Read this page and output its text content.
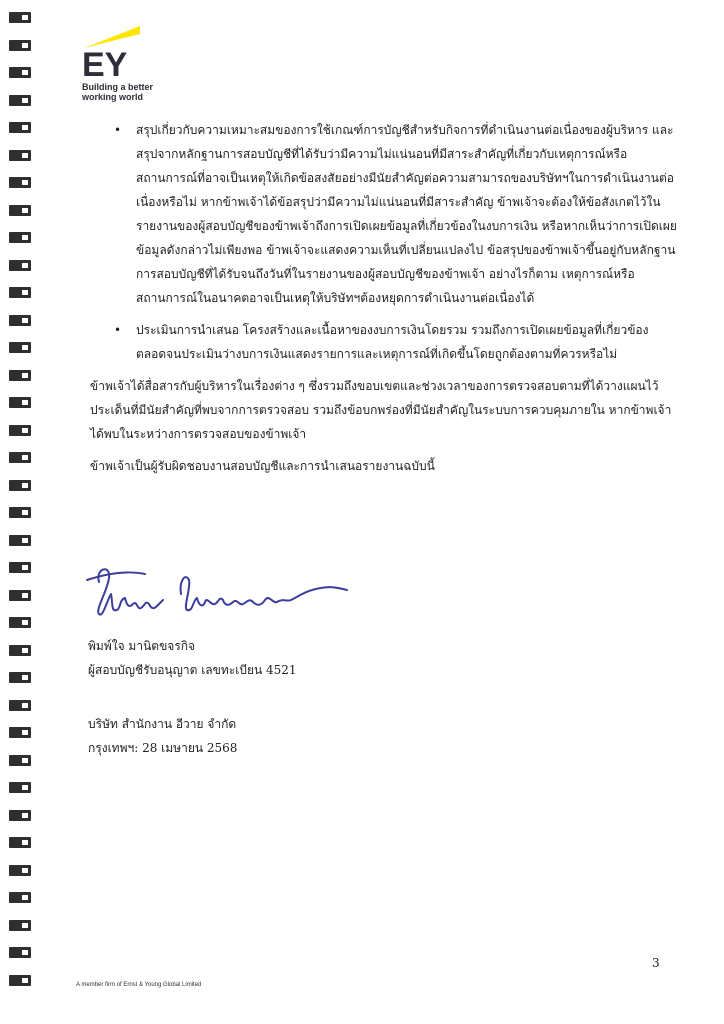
EY
Building a better
working world
• สรุปเกี่ยวกับความเหมาะสมของการใช้เกณฑ์การบัญชีสำหรับกิจการที่ดำเนินงานต่อเนื่องของผู้บริหาร และสรุปจากหลักฐานการสอบบัญชีที่ได้รับว่ามีความไม่แน่นอนที่มีสาระสำคัญที่เกี่ยวกับเหตุการณ์หรือสถานการณ์ที่อาจเป็นเหตุให้เกิดข้อสงสัยอย่างมีนัยสำคัญต่อความสามารถของบริษัทฯในการดำเนินงานต่อเนื่องหรือไม่ หากข้าพเจ้าได้ข้อสรุปว่ามีความไม่แน่นอนที่มีสาระสำคัญ ข้าพเจ้าจะต้องให้ข้อสังเกตไว้ในรายงานของผู้สอบบัญชีของข้าพเจ้าถึงการเปิดเผยข้อมูลที่เกี่ยวข้องในงบการเงิน หรือหากเห็นว่าการเปิดเผยข้อมูลดังกล่าวไม่เพียงพอ ข้าพเจ้าจะแสดงความเห็นที่เปลี่ยนแปลงไป ข้อสรุปของข้าพเจ้าขึ้นอยู่กับหลักฐานการสอบบัญชีที่ได้รับจนถึงวันที่ในรายงานของผู้สอบบัญชีของข้าพเจ้า อย่างไรก็ตาม เหตุการณ์หรือสถานการณ์ในอนาคตอาจเป็นเหตุให้บริษัทฯต้องหยุดการดำเนินงานต่อเนื่องได้
• ประเมินการนำเสนอ โครงสร้างและเนื้อหาของงบการเงินโดยรวม รวมถึงการเปิดเผยข้อมูลที่เกี่ยวข้อง ตลอดจนประเมินว่างบการเงินแสดงรายการและเหตุการณ์ที่เกิดขึ้นโดยถูกต้องตามที่ควรหรือไม่

ข้าพเจ้าได้สื่อสารกับผู้บริหารในเรื่องต่าง ๆ ซึ่งรวมถึงขอบเขตและช่วงเวลาของการตรวจสอบตามที่ได้วางแผนไว้ ประเด็นที่มีนัยสำคัญที่พบจากการตรวจสอบ รวมถึงข้อบกพร่องที่มีนัยสำคัญในระบบการควบคุมภายใน หากข้าพเจ้าได้พบในระหว่างการตรวจสอบของข้าพเจ้า

ข้าพเจ้าเป็นผู้รับผิดชอบงานสอบบัญชีและการนำเสนอรายงานฉบับนี้

พิมพ์ใจ มานิตขจรกิจ
ผู้สอบบัญชีรับอนุญาต เลขทะเบียน 4521
บริษัท สำนักงาน อีวาย จำกัด
กรุงเทพฯ: 28 เมษายน 2568
3
A member firm of Ernst & Young Global Limited
